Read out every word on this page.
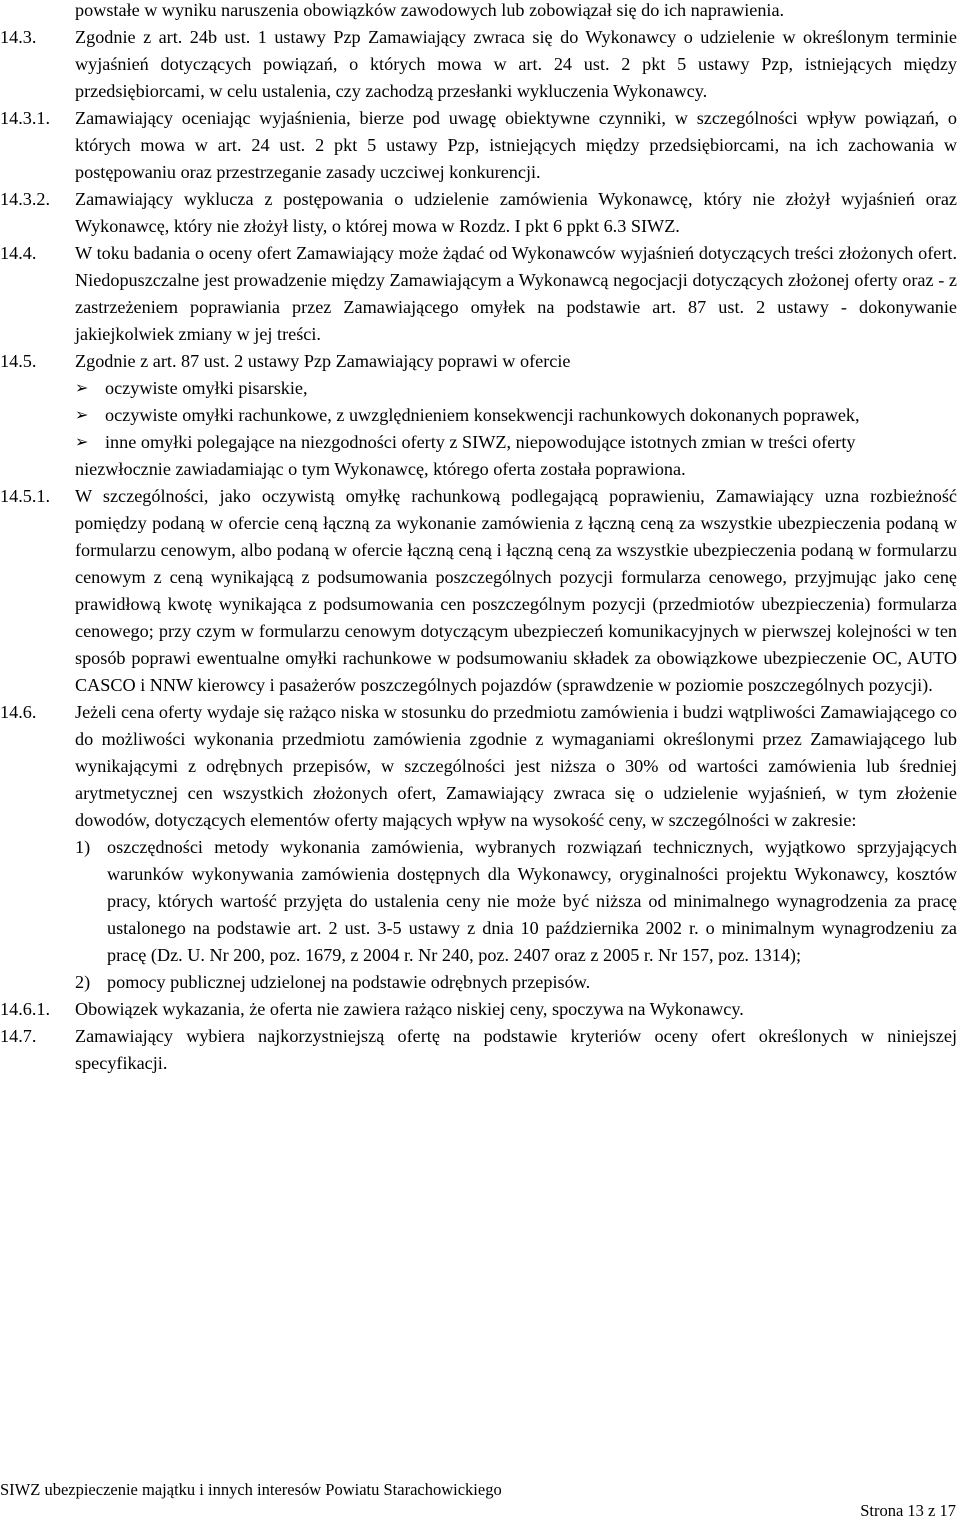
powstałe w wyniku naruszenia obowiązków zawodowych lub zobowiązał się do ich naprawienia.
14.3.	Zgodnie z art. 24b ust. 1 ustawy Pzp Zamawiający zwraca się do Wykonawcy o udzielenie w określonym terminie wyjaśnień dotyczących powiązań, o których mowa w art. 24 ust. 2 pkt 5 ustawy Pzp, istniejących między przedsiębiorcami, w celu ustalenia, czy zachodzą przesłanki wykluczenia Wykonawcy.
14.3.1.	Zamawiający oceniając wyjaśnienia, bierze pod uwagę obiektywne czynniki, w szczególności wpływ powiązań, o których mowa w art. 24 ust. 2 pkt 5 ustawy Pzp, istniejących między przedsiębiorcami, na ich zachowania w postępowaniu oraz przestrzeganie zasady uczciwej konkurencji.
14.3.2.	Zamawiający wyklucza z postępowania o udzielenie zamówienia Wykonawcę, który nie złożył wyjaśnień oraz Wykonawcę, który nie złożył listy, o której mowa w Rozdz. I pkt 6 ppkt 6.3 SIWZ.
14.4.	W toku badania o oceny ofert Zamawiający może żądać od Wykonawców wyjaśnień dotyczących treści złożonych ofert. Niedopuszczalne jest prowadzenie między Zamawiającym a Wykonawcą negocjacji dotyczących złożonej oferty oraz - z zastrzeżeniem poprawiania przez Zamawiającego omyłek na podstawie art. 87 ust. 2 ustawy - dokonywanie jakiejkolwiek zmiany w jej treści.
14.5.	Zgodnie z art. 87 ust. 2 ustawy Pzp Zamawiający poprawi w ofercie
➢ oczywiste omyłki pisarskie,
➢ oczywiste omyłki rachunkowe, z uwzględnieniem konsekwencji rachunkowych dokonanych poprawek,
➢ inne omyłki polegające na niezgodności oferty z SIWZ, niepowodujące istotnych zmian w treści oferty
niezwłocznie zawiadamiając o tym Wykonawcę, którego oferta została poprawiona.
14.5.1.	W szczególności, jako oczywistą omyłkę rachunkową podlegającą poprawieniu, Zamawiający uzna rozbieżność pomiędzy podaną w ofercie ceną łączną za wykonanie zamówienia z łączną ceną za wszystkie ubezpieczenia podaną w formularzu cenowym, albo podaną w ofercie łączną ceną i łączną ceną za wszystkie ubezpieczenia podaną w formularzu cenowym z ceną wynikającą z podsumowania poszczególnych pozycji formularza cenowego, przyjmując jako cenę prawidłową kwotę wynikająca z podsumowania cen poszczególnym pozycji (przedmiotów ubezpieczenia) formularza cenowego; przy czym w formularzu cenowym dotyczącym ubezpieczeń komunikacyjnych w pierwszej kolejności w ten sposób poprawi ewentualne omyłki rachunkowe w podsumowaniu składek za obowiązkowe ubezpieczenie OC, AUTO CASCO i NNW kierowcy i pasażerów poszczególnych pojazdów (sprawdzenie w poziomie poszczególnych pozycji).
14.6.	Jeżeli cena oferty wydaje się rażąco niska w stosunku do przedmiotu zamówienia i budzi wątpliwości Zamawiającego co do możliwości wykonania przedmiotu zamówienia zgodnie z wymaganiami określonymi przez Zamawiającego lub wynikającymi z odrębnych przepisów, w szczególności jest niższa o 30% od wartości zamówienia lub średniej arytmetycznej cen wszystkich złożonych ofert, Zamawiający zwraca się o udzielenie wyjaśnień, w tym złożenie dowodów, dotyczących elementów oferty mających wpływ na wysokość ceny, w szczególności w zakresie:
1) oszczędności metody wykonania zamówienia, wybranych rozwiązań technicznych, wyjątkowo sprzyjających warunków wykonywania zamówienia dostępnych dla Wykonawcy, oryginalności projektu Wykonawcy, kosztów pracy, których wartość przyjęta do ustalenia ceny nie może być niższa od minimalnego wynagrodzenia za pracę ustalonego na podstawie art. 2 ust. 3-5 ustawy z dnia 10 października 2002 r. o minimalnym wynagrodzeniu za pracę (Dz. U. Nr 200, poz. 1679, z 2004 r. Nr 240, poz. 2407 oraz z 2005 r. Nr 157, poz. 1314);
2) pomocy publicznej udzielonej na podstawie odrębnych przepisów.
14.6.1.	Obowiązek wykazania, że oferta nie zawiera rażąco niskiej ceny, spoczywa na Wykonawcy.
14.7.	Zamawiający wybiera najkorzystniejszą ofertę na podstawie kryteriów oceny ofert określonych w niniejszej specyfikacji.
SIWZ ubezpieczenie majątku i innych interesów Powiatu Starachowickiego
Strona 13 z 17
